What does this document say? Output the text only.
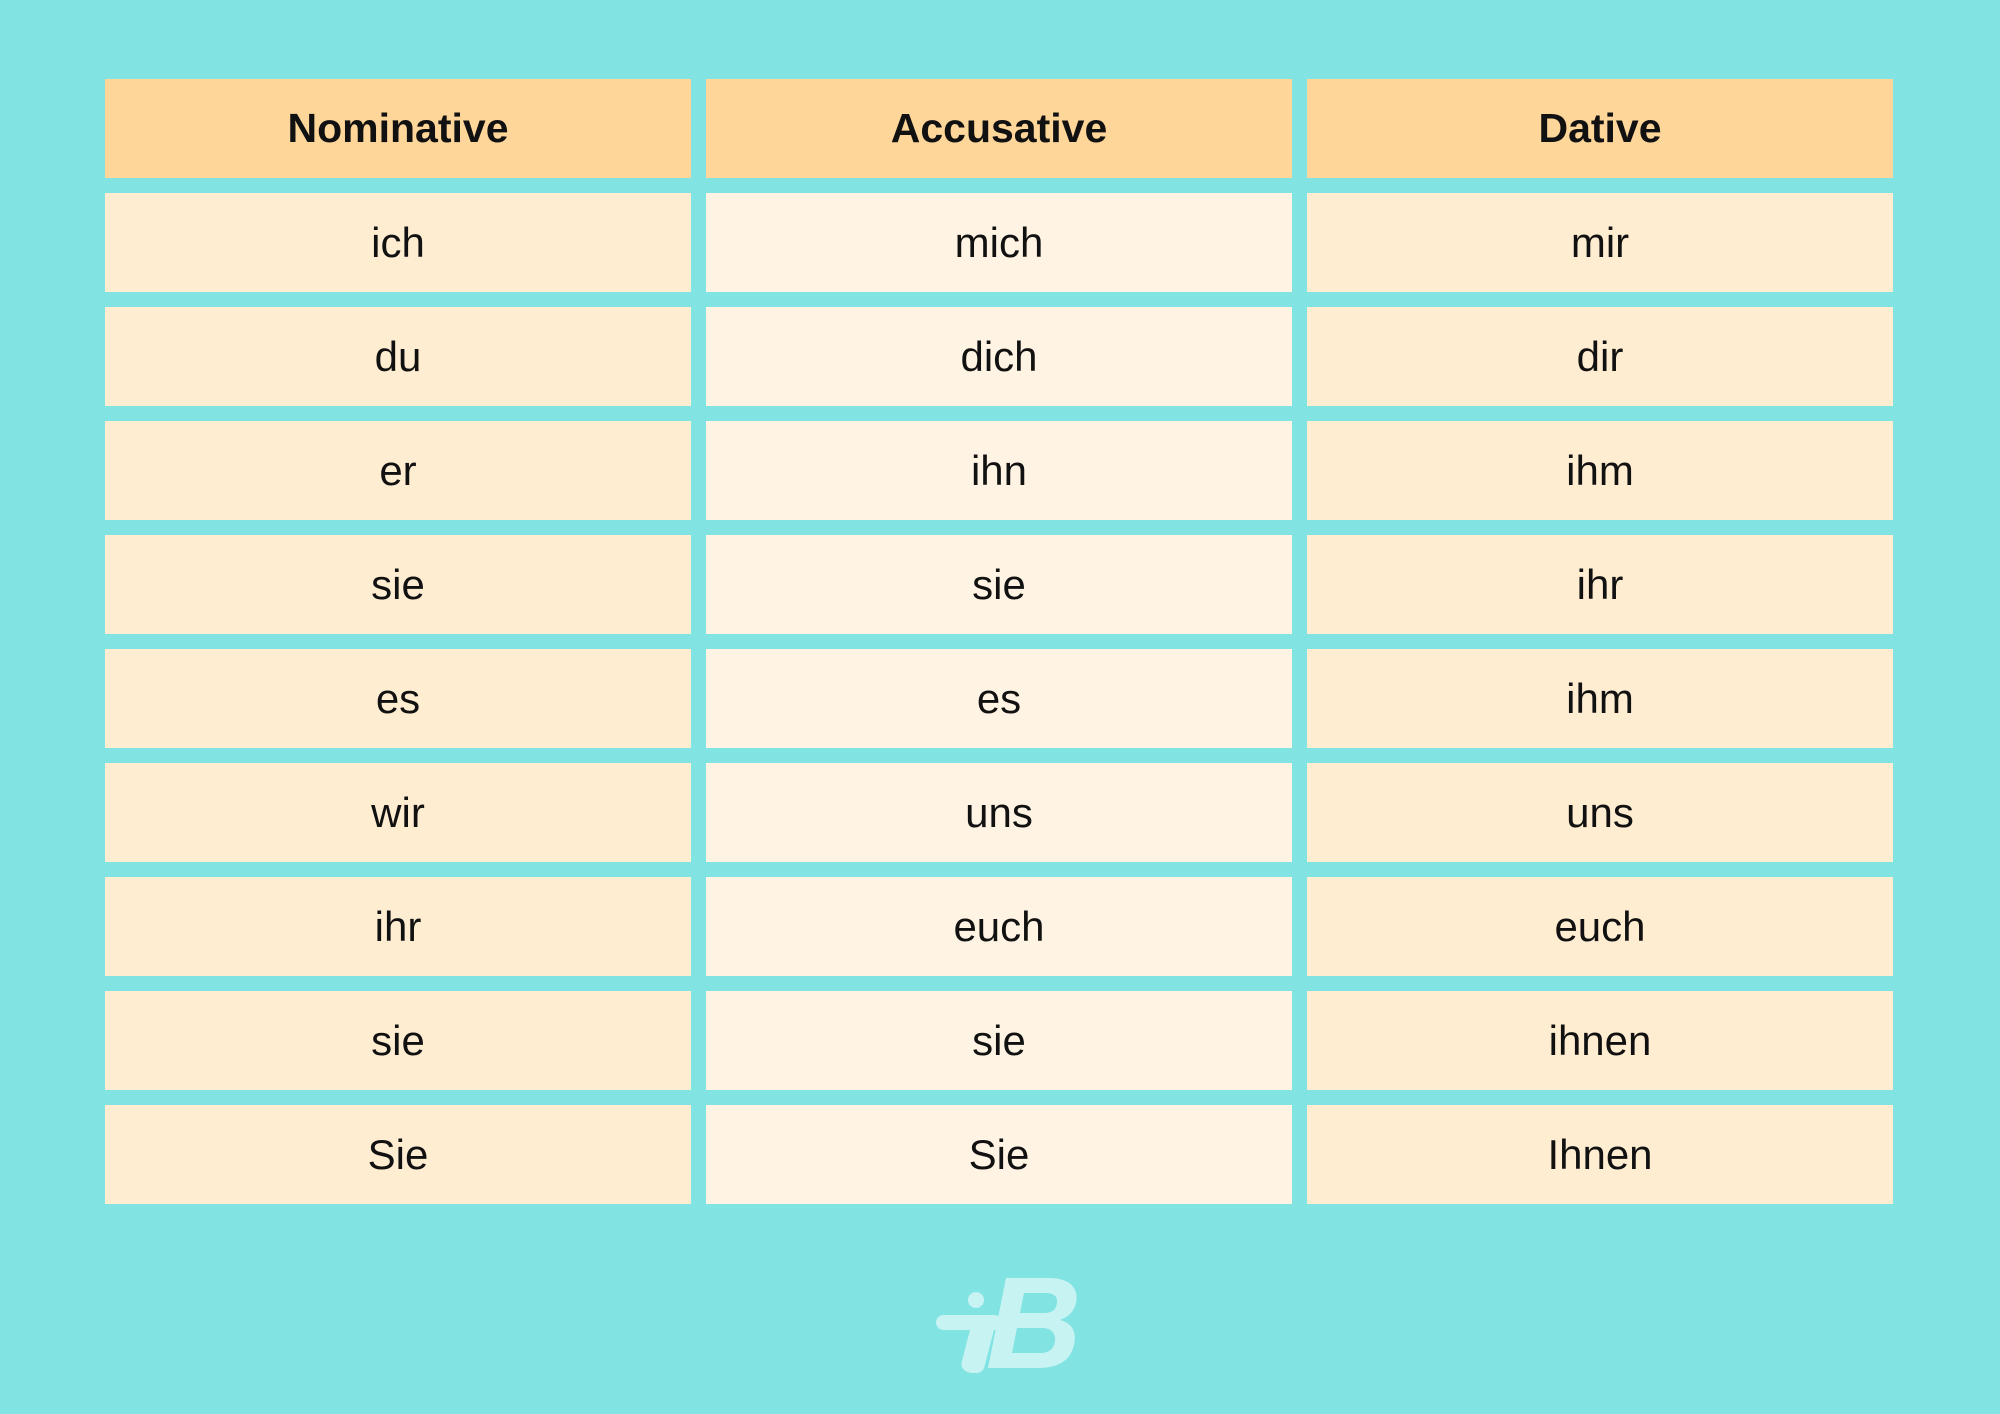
Nominative	Accusative	Dative
ich	mich	mir
du	dich	dir
er	ihn	ihm
sie	sie	ihr
es	es	ihm
wir	uns	uns
ihr	euch	euch
sie	sie	ihnen
Sie	Sie	Ihnen
